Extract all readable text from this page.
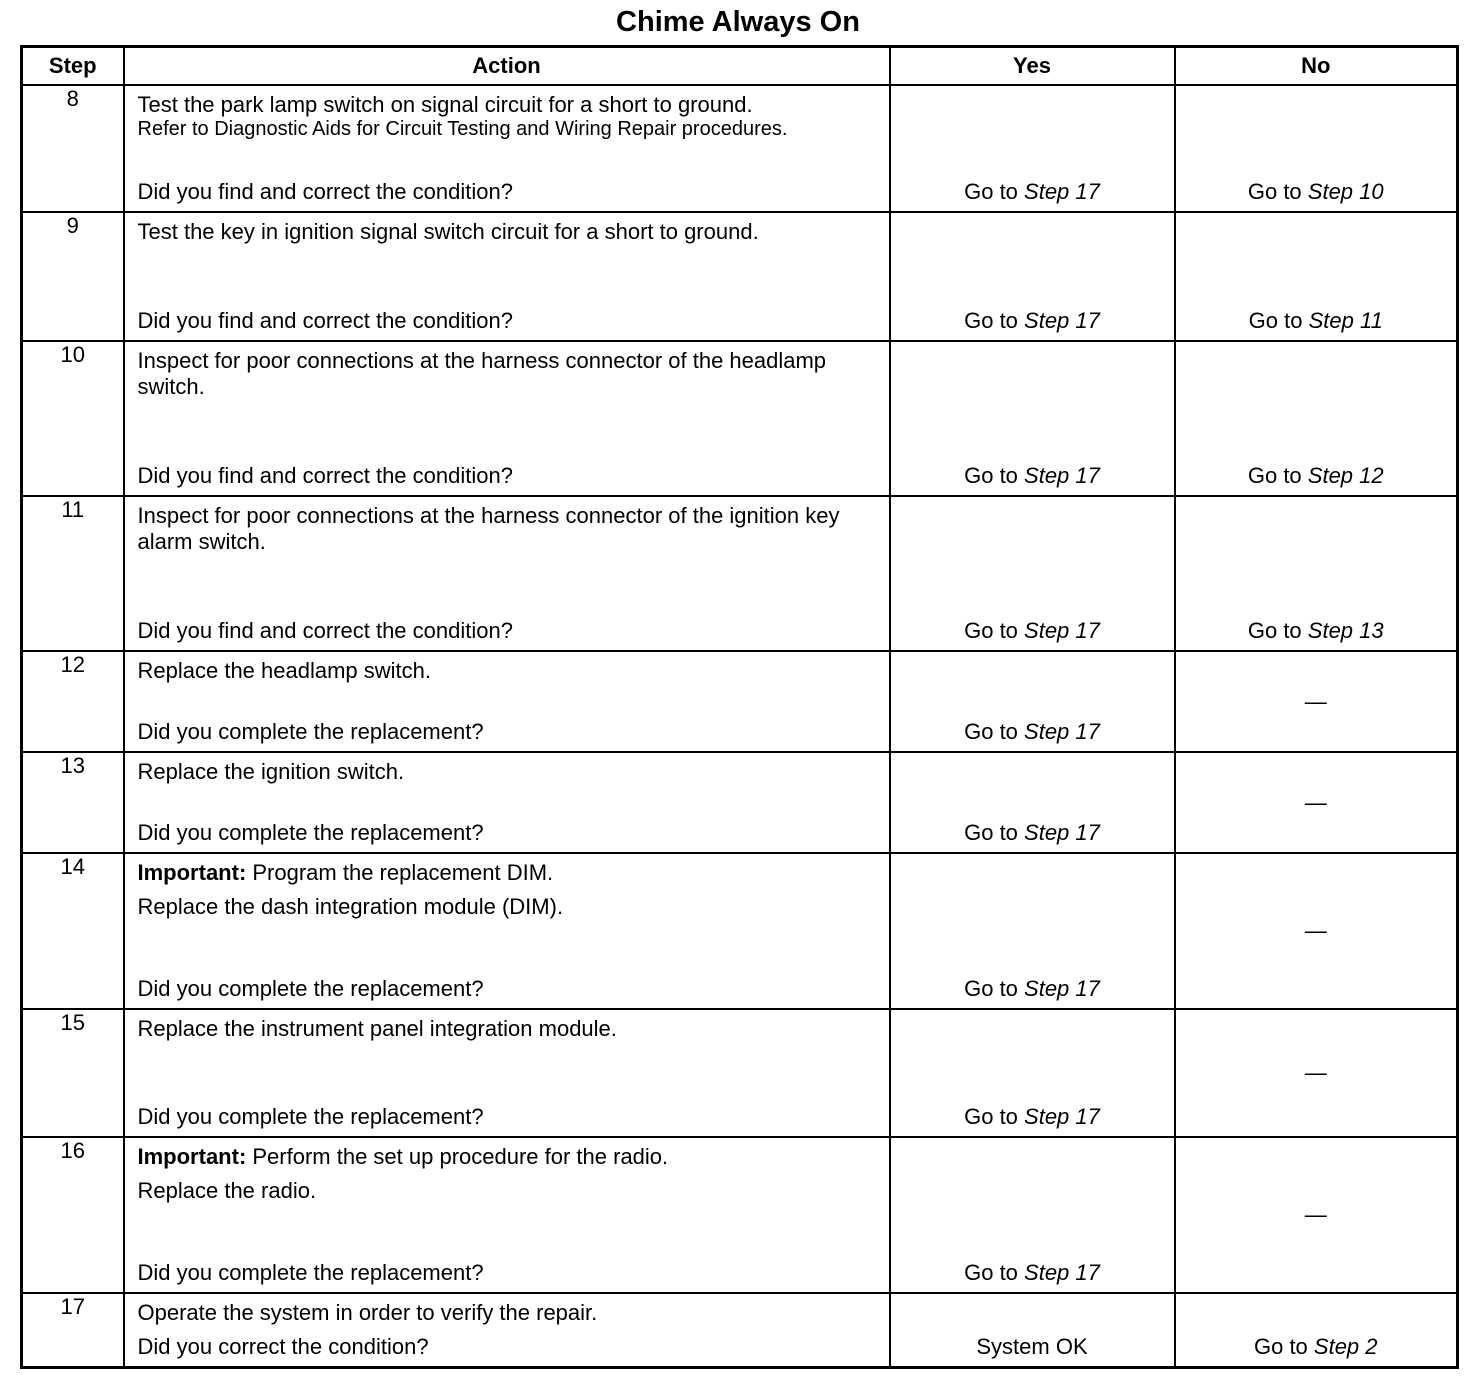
Chime Always On
Step	Action	Yes	No
8	Test the park lamp switch on signal circuit for a short to ground.
Refer to Diagnostic Aids for Circuit Testing and Wiring Repair procedures.
Did you find and correct the condition?	Go to Step 17	Go to Step 10

9	Test the key in ignition signal switch circuit for a short to ground.
Did you find and correct the condition?	Go to Step 17	Go to Step 11

10	Inspect for poor connections at the harness connector of the headlamp switch.
Did you find and correct the condition?	Go to Step 17	Go to Step 12

11	Inspect for poor connections at the harness connector of the ignition key alarm switch.
Did you find and correct the condition?	Go to Step 17	Go to Step 13

12	Replace the headlamp switch.
Did you complete the replacement?	Go to Step 17	—

13	Replace the ignition switch.
Did you complete the replacement?	Go to Step 17	—

14	Important: Program the replacement DIM.
Replace the dash integration module (DIM).
Did you complete the replacement?	Go to Step 17	—

15	Replace the instrument panel integration module.
Did you complete the replacement?	Go to Step 17	—

16	Important: Perform the set up procedure for the radio.
Replace the radio.
Did you complete the replacement?	Go to Step 17	—

17	Operate the system in order to verify the repair.
Did you correct the condition?	System OK	Go to Step 2
